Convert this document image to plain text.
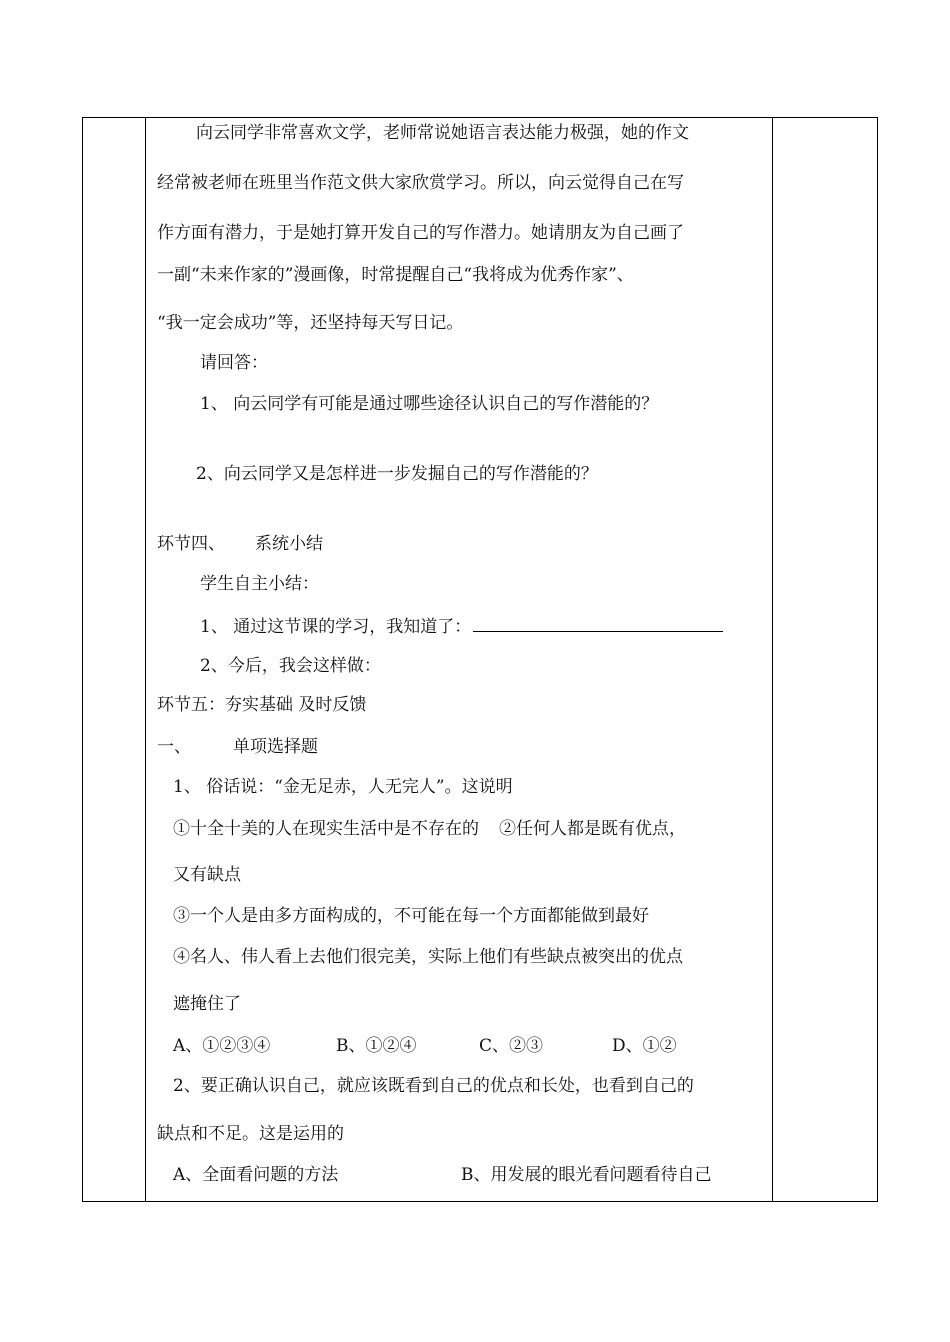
向云同学非常喜欢文学，老师常说她语言表达能力极强，她的作文
经常被老师在班里当作范文供大家欣赏学习。所以，向云觉得自己在写
作方面有潜力，于是她打算开发自己的写作潜力。她请朋友为自己画了
一副“未来作家的”漫画像，时常提醒自己“我将成为优秀作家”、
“我一定会成功”等，还坚持每天写日记。
请回答：
1、 向云同学有可能是通过哪些途径认识自己的写作潜能的？
2、向云同学又是怎样进一步发掘自己的写作潜能的？
环节四、 系统小结
学生自主小结：
1、 通过这节课的学习，我知道了：
2、今后，我会这样做：
环节五：夯实基础 及时反馈
一、 单项选择题
1、 俗话说：“金无足赤，人无完人”。这说明
①十全十美的人在现实生活中是不存在的 ②任何人都是既有优点，
又有缺点
③一个人是由多方面构成的，不可能在每一个方面都能做到最好
④名人、伟人看上去他们很完美，实际上他们有些缺点被突出的优点
遮掩住了
A、①②③④	B、①②④	C、②③	D、①②
2、要正确认识自己，就应该既看到自己的优点和长处，也看到自己的
缺点和不足。这是运用的
A、全面看问题的方法	B、用发展的眼光看问题看待自己
